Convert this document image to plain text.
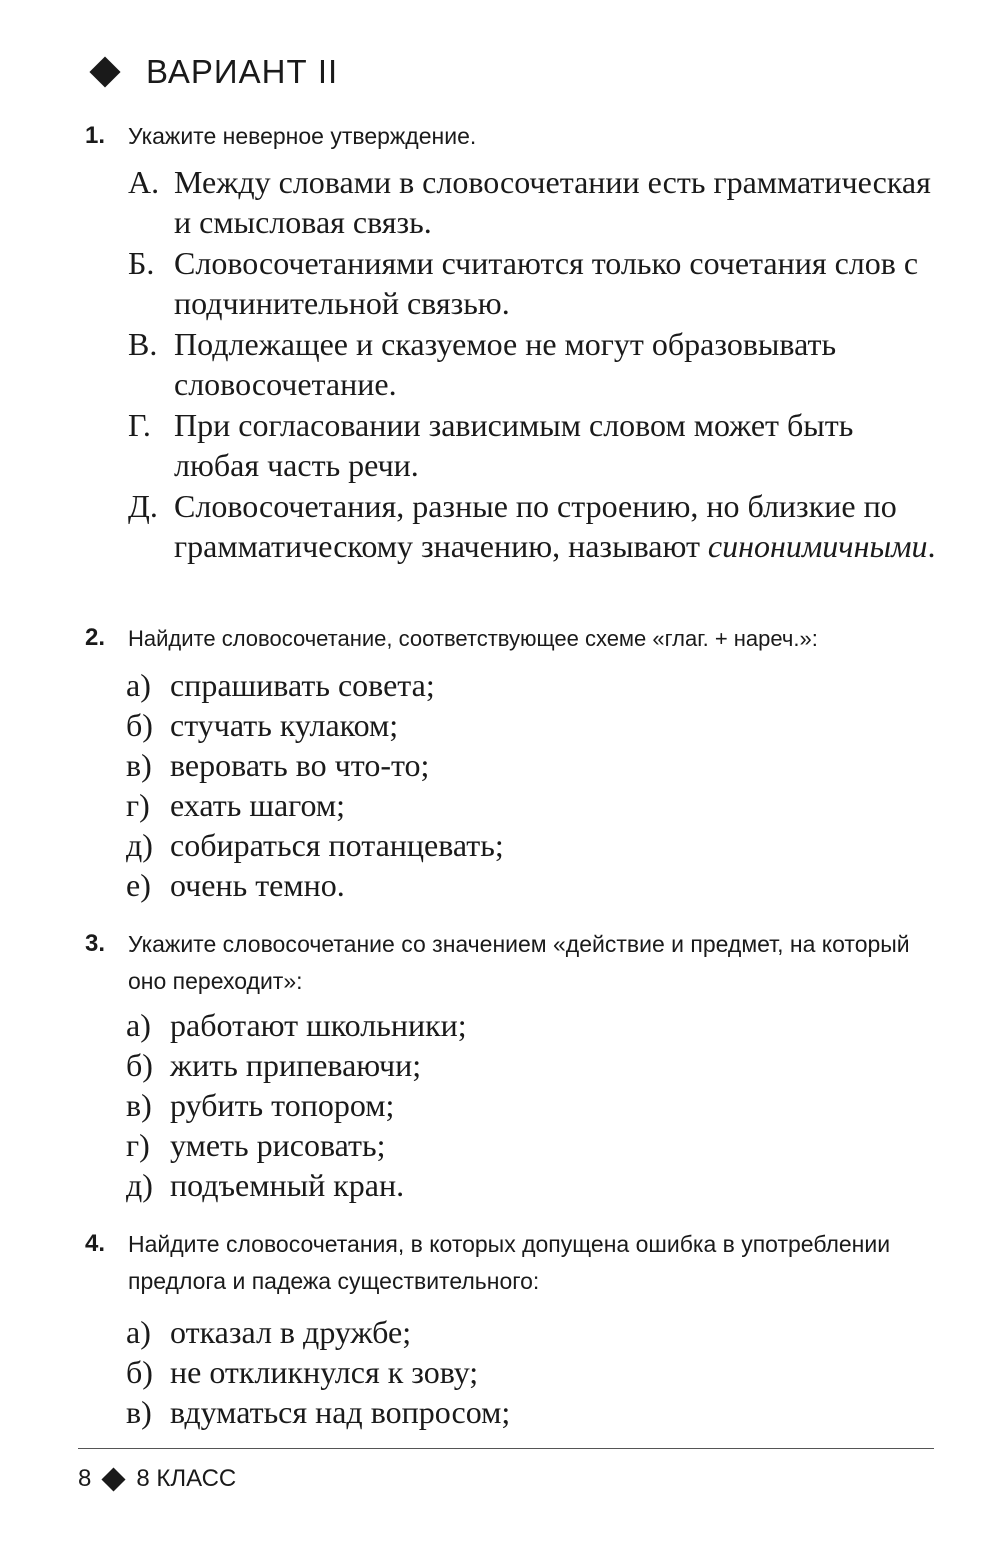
ВАРИАНТ II
1. Укажите неверное утверждение.
А. Между словами в словосочетании есть грамматическая и смысловая связь.
Б. Словосочетаниями считаются только сочетания слов с подчинительной связью.
В. Подлежащее и сказуемое не могут образовывать словосочетание.
Г. При согласовании зависимым словом может быть любая часть речи.
Д. Словосочетания, разные по строению, но близкие по грамматическому значению, называют синонимичными.
2. Найдите словосочетание, соответствующее схеме «глаг. + нареч.»:
а) спрашивать совета;
б) стучать кулаком;
в) веровать во что-то;
г) ехать шагом;
д) собираться потанцевать;
е) очень темно.
3. Укажите словосочетание со значением «действие и предмет, на который оно переходит»:
а) работают школьники;
б) жить припеваючи;
в) рубить топором;
г) уметь рисовать;
д) подъемный кран.
4. Найдите словосочетания, в которых допущена ошибка в употреблении предлога и падежа существительного:
а) отказал в дружбе;
б) не откликнулся к зову;
в) вдуматься над вопросом;
8 8 КЛАСС
